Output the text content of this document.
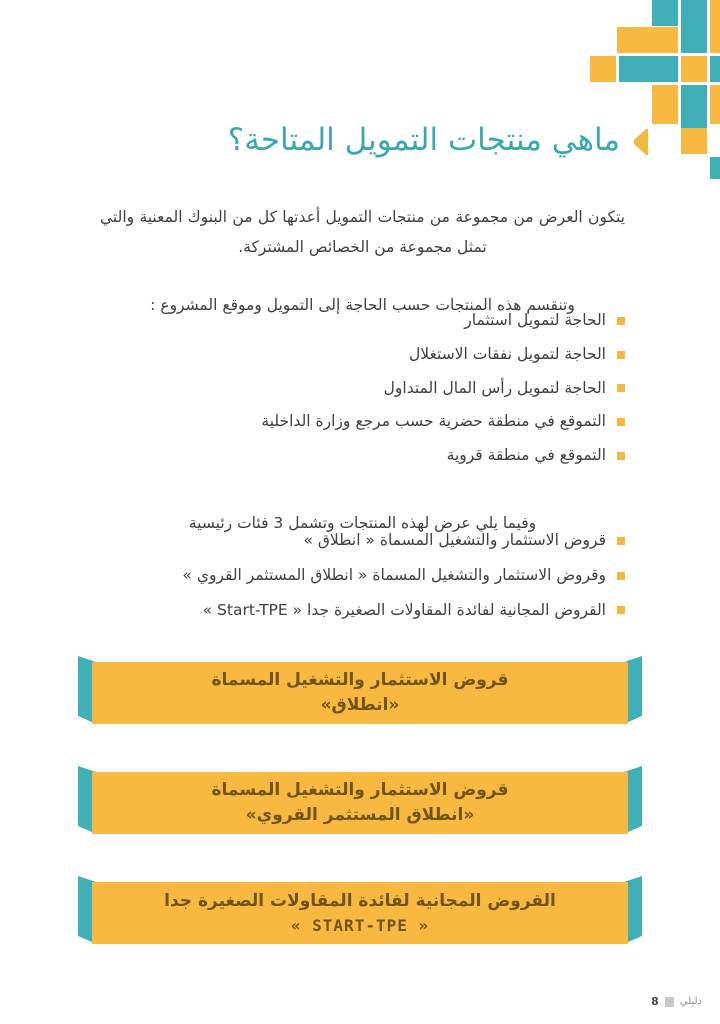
ماهي منتجات التمويل المتاحة؟

يتكون العرض من مجموعة من منتجات التمويل أعدتها كل من البنوك المعنية والتي تمثل مجموعة من الخصائص المشتركة.

وتنقسم هذه المنتجات حسب الحاجة إلى التمويل وموقع المشروع :

الحاجة لتمويل استثمار
الحاجة لتمويل نفقات الاستغلال
الحاجة لتمويل رأس المال المتداول
التموقع في منطقة حضرية حسب مرجع وزارة الداخلية
التموقع في منطقة قروية

وفيما يلي عرض لهذه المنتجات وتشمل 3 فئات رئيسية

قروض الاستثمار والتشغيل المسماة « انطلاق »
وقروض الاستثمار والتشغيل المسماة « انطلاق المستثمر القروي »
القروض المجانية لفائدة المقاولات الصغيرة جدا « Start-TPE »
قروض الاستثمار والتشغيل المسماة
«انطلاق»
قروض الاستثمار والتشغيل المسماة
«انطلاق المستثمر القروي»
القروض المجانية لفائدة المقاولات الصغيرة جدا
« START-TPE »
دليلي
8
